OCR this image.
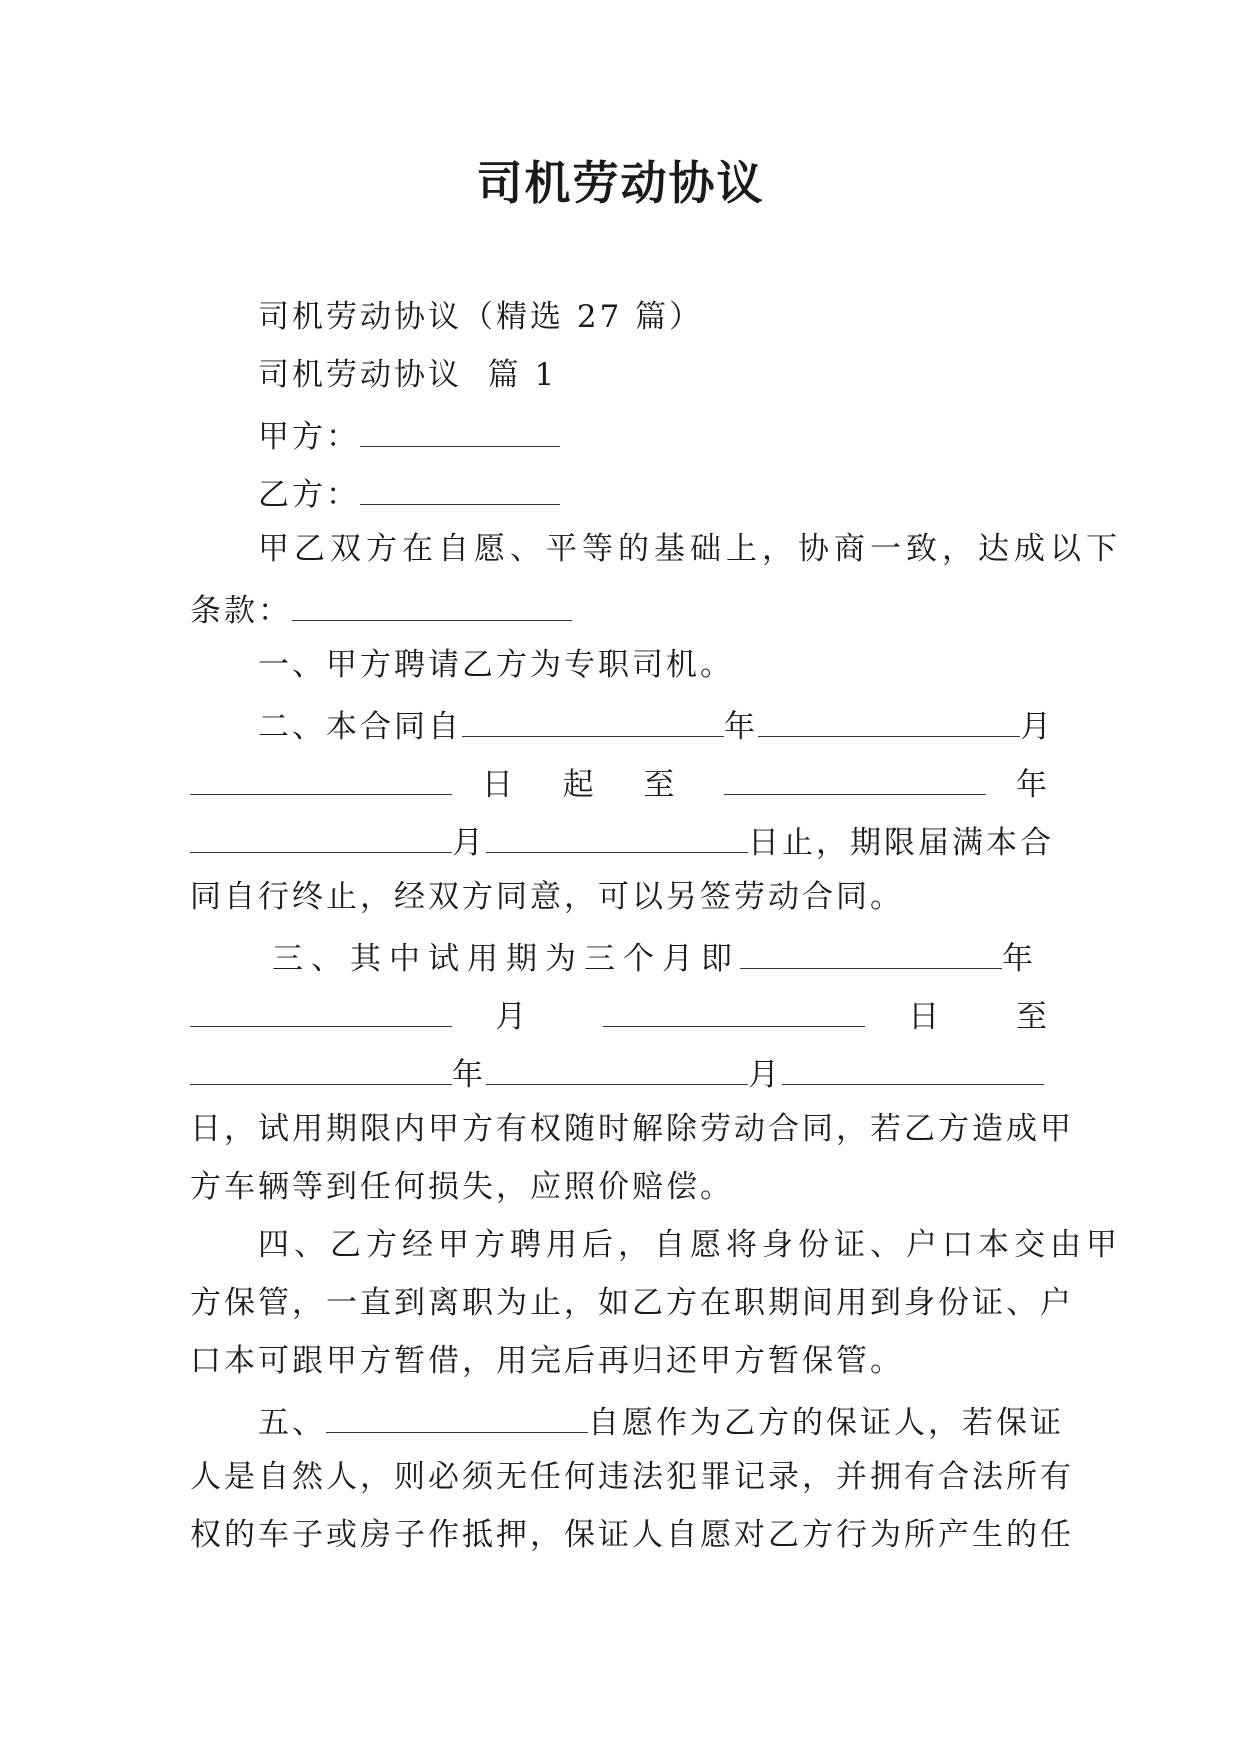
司机劳动协议
司机劳动协议（精选 27 篇）
司机劳动协议  篇 1
甲方：
乙方：
甲乙双方在自愿、平等的基础上，协商一致，达成以下
条款：
一、甲方聘请乙方为专职司机。
二、本合同自	年	月
日 起 至	年
月	日止，期限届满本合
同自行终止，经双方同意，可以另签劳动合同。
三、其中试用期为三个月即	年
月	日 至
年	月
日，试用期限内甲方有权随时解除劳动合同，若乙方造成甲
方车辆等到任何损失，应照价赔偿。
四、乙方经甲方聘用后，自愿将身份证、户口本交由甲
方保管，一直到离职为止，如乙方在职期间用到身份证、户
口本可跟甲方暂借，用完后再归还甲方暂保管。
五、	自愿作为乙方的保证人，若保证
人是自然人，则必须无任何违法犯罪记录，并拥有合法所有
权的车子或房子作抵押，保证人自愿对乙方行为所产生的任
